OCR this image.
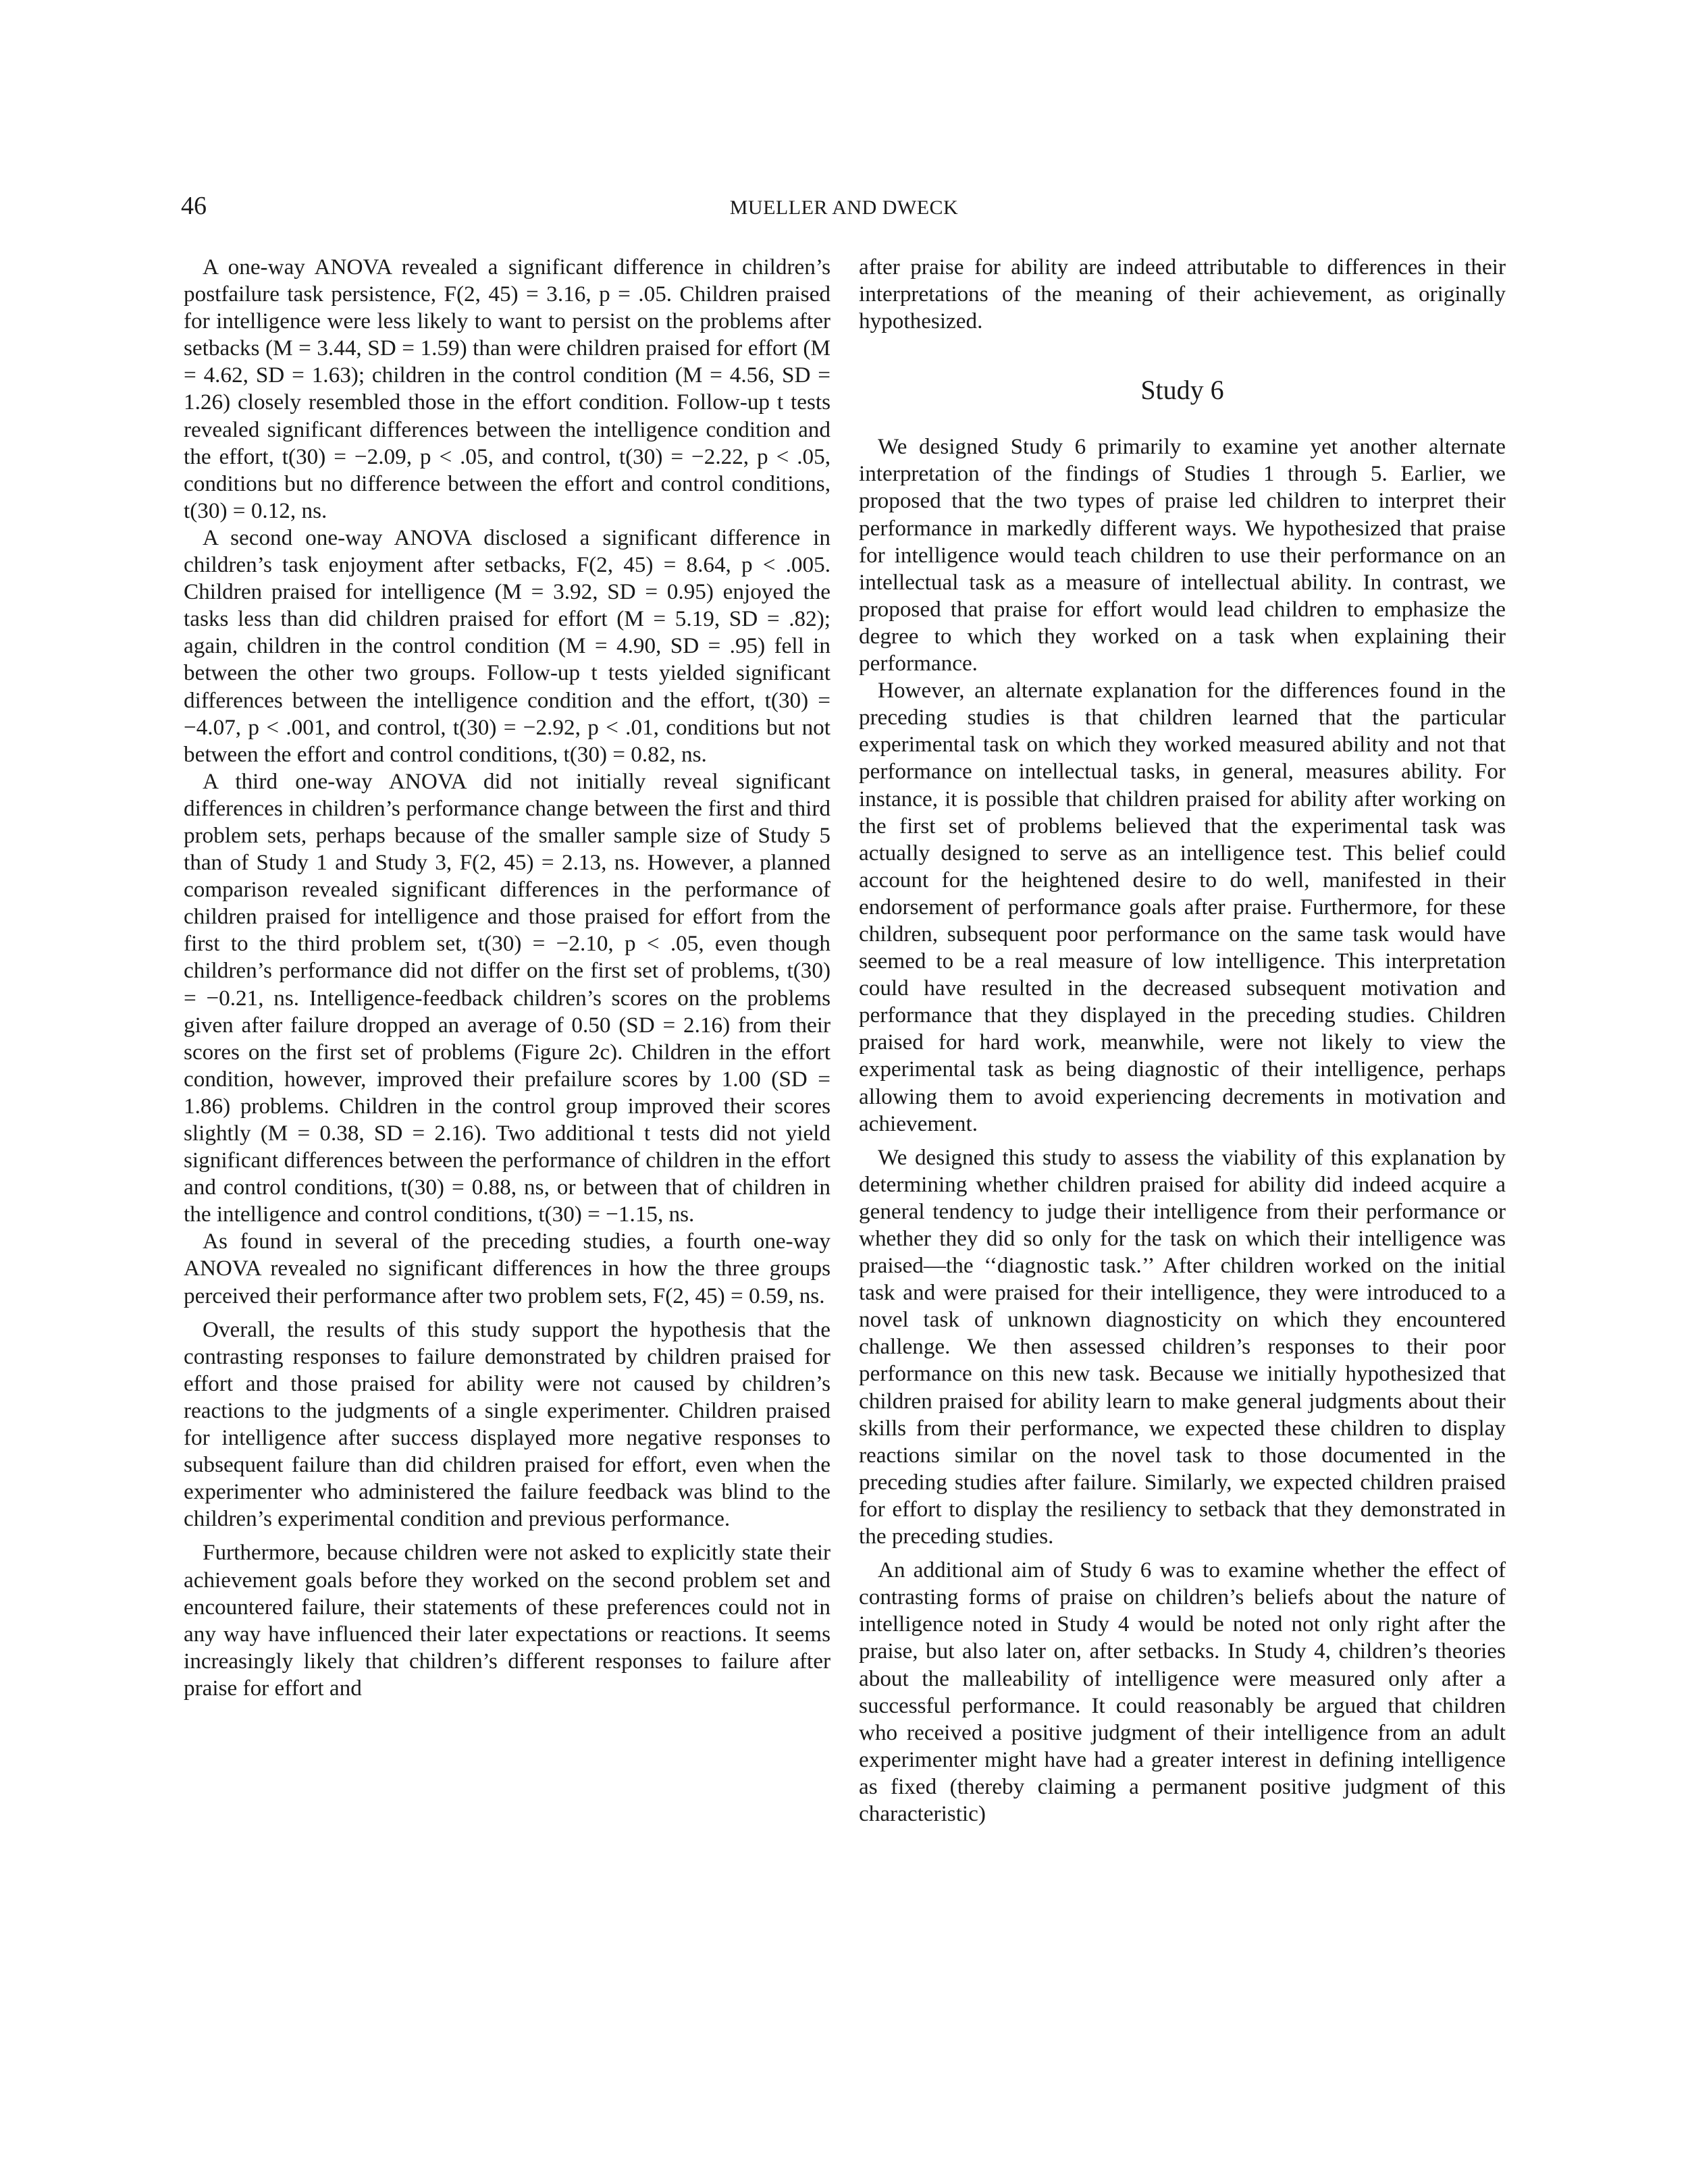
46	MUELLER AND DWECK

A one-way ANOVA revealed a significant difference in children’s postfailure task persistence, F(2, 45) = 3.16, p = .05. Children praised for intelligence were less likely to want to persist on the problems after setbacks (M = 3.44, SD = 1.59) than were children praised for effort (M = 4.62, SD = 1.63); children in the control condition (M = 4.56, SD = 1.26) closely resembled those in the effort condition. Follow-up t tests revealed significant differences between the intelligence condition and the effort, t(30) = −2.09, p < .05, and control, t(30) = −2.22, p < .05, conditions but no difference between the effort and control conditions, t(30) = 0.12, ns.

A second one-way ANOVA disclosed a significant difference in children’s task enjoyment after setbacks, F(2, 45) = 8.64, p < .005. Children praised for intelligence (M = 3.92, SD = 0.95) enjoyed the tasks less than did children praised for effort (M = 5.19, SD = .82); again, children in the control condition (M = 4.90, SD = .95) fell in between the other two groups. Follow-up t tests yielded significant differences between the intelligence condition and the effort, t(30) = −4.07, p < .001, and control, t(30) = −2.92, p < .01, conditions but not between the effort and control conditions, t(30) = 0.82, ns.

A third one-way ANOVA did not initially reveal significant differences in children’s performance change between the first and third problem sets, perhaps because of the smaller sample size of Study 5 than of Study 1 and Study 3, F(2, 45) = 2.13, ns. However, a planned comparison revealed significant differences in the performance of children praised for intelligence and those praised for effort from the first to the third problem set, t(30) = −2.10, p < .05, even though children’s performance did not differ on the first set of problems, t(30) = −0.21, ns. Intelligence-feedback children’s scores on the problems given after failure dropped an average of 0.50 (SD = 2.16) from their scores on the first set of problems (Figure 2c). Children in the effort condition, however, improved their prefailure scores by 1.00 (SD = 1.86) problems. Children in the control group improved their scores slightly (M = 0.38, SD = 2.16). Two additional t tests did not yield significant differences between the performance of children in the effort and control conditions, t(30) = 0.88, ns, or between that of children in the intelligence and control conditions, t(30) = −1.15, ns.

As found in several of the preceding studies, a fourth one-way ANOVA revealed no significant differences in how the three groups perceived their performance after two problem sets, F(2, 45) = 0.59, ns.

Overall, the results of this study support the hypothesis that the contrasting responses to failure demonstrated by children praised for effort and those praised for ability were not caused by children’s reactions to the judgments of a single experimenter. Children praised for intelligence after success displayed more negative responses to subsequent failure than did children praised for effort, even when the experimenter who administered the failure feedback was blind to the children’s experimental condition and previous performance.

Furthermore, because children were not asked to explicitly state their achievement goals before they worked on the second problem set and encountered failure, their statements of these preferences could not in any way have influenced their later expectations or reactions. It seems increasingly likely that children’s different responses to failure after praise for effort and

after praise for ability are indeed attributable to differences in their interpretations of the meaning of their achievement, as originally hypothesized.

Study 6

We designed Study 6 primarily to examine yet another alternate interpretation of the findings of Studies 1 through 5. Earlier, we proposed that the two types of praise led children to interpret their performance in markedly different ways. We hypothesized that praise for intelligence would teach children to use their performance on an intellectual task as a measure of intellectual ability. In contrast, we proposed that praise for effort would lead children to emphasize the degree to which they worked on a task when explaining their performance.

However, an alternate explanation for the differences found in the preceding studies is that children learned that the particular experimental task on which they worked measured ability and not that performance on intellectual tasks, in general, measures ability. For instance, it is possible that children praised for ability after working on the first set of problems believed that the experimental task was actually designed to serve as an intelligence test. This belief could account for the heightened desire to do well, manifested in their endorsement of performance goals after praise. Furthermore, for these children, subsequent poor performance on the same task would have seemed to be a real measure of low intelligence. This interpretation could have resulted in the decreased subsequent motivation and performance that they displayed in the preceding studies. Children praised for hard work, meanwhile, were not likely to view the experimental task as being diagnostic of their intelligence, perhaps allowing them to avoid experiencing decrements in motivation and achievement.

We designed this study to assess the viability of this explanation by determining whether children praised for ability did indeed acquire a general tendency to judge their intelligence from their performance or whether they did so only for the task on which their intelligence was praised—the ‘‘diagnostic task.’’ After children worked on the initial task and were praised for their intelligence, they were introduced to a novel task of unknown diagnosticity on which they encountered challenge. We then assessed children’s responses to their poor performance on this new task. Because we initially hypothesized that children praised for ability learn to make general judgments about their skills from their performance, we expected these children to display reactions similar on the novel task to those documented in the preceding studies after failure. Similarly, we expected children praised for effort to display the resiliency to setback that they demonstrated in the preceding studies.

An additional aim of Study 6 was to examine whether the effect of contrasting forms of praise on children’s beliefs about the nature of intelligence noted in Study 4 would be noted not only right after the praise, but also later on, after setbacks. In Study 4, children’s theories about the malleability of intelligence were measured only after a successful performance. It could reasonably be argued that children who received a positive judgment of their intelligence from an adult experimenter might have had a greater interest in defining intelligence as fixed (thereby claiming a permanent positive judgment of this characteristic)
